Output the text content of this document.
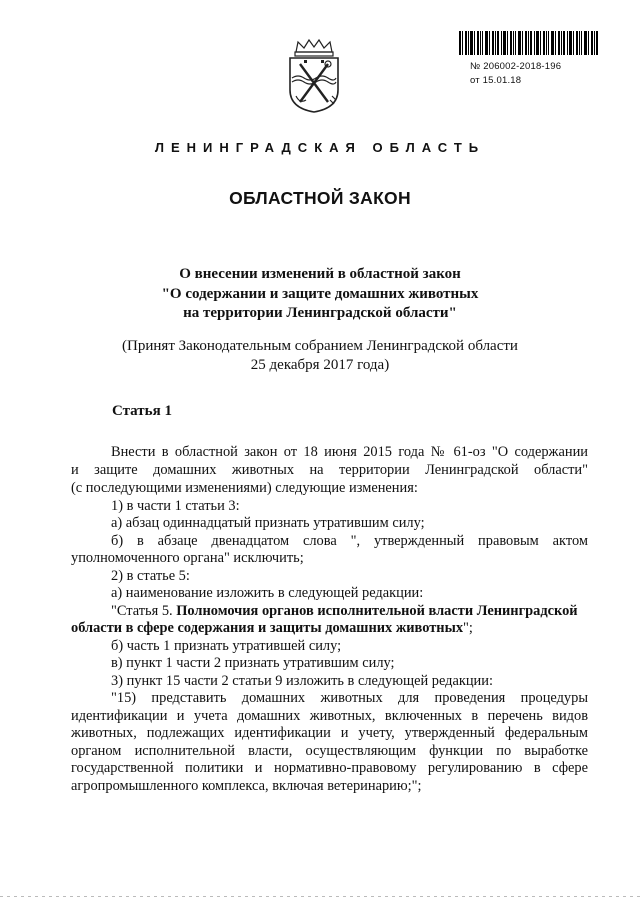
№ 206002-2018-196
от 15.01.18
ЛЕНИНГРАДСКАЯ ОБЛАСТЬ
ОБЛАСТНОЙ ЗАКОН
О внесении изменений в областной закон
"О содержании и защите домашних животных
на территории Ленинградской области"
(Принят Законодательным собранием Ленинградской области
25 декабря 2017 года)
Статья 1
Внести в областной закон от 18 июня 2015 года № 61-оз "О содержании
и защите домашних животных на территории Ленинградской области"
(с последующими изменениями) следующие изменения:
1) в части 1 статьи 3:
а) абзац одиннадцатый признать утратившим силу;
б) в абзаце двенадцатом слова ", утвержденный правовым актом
уполномоченного органа" исключить;
2) в статье 5:
а) наименование изложить в следующей редакции:
"Статья 5. Полномочия органов исполнительной власти Ленинградской
области в сфере содержания и защиты домашних животных";
б) часть 1 признать утратившей силу;
в) пункт 1 части 2 признать утратившим силу;
3) пункт 15 части 2 статьи 9 изложить в следующей редакции:
"15) представить домашних животных для проведения процедуры
идентификации и учета домашних животных, включенных в перечень видов
животных, подлежащих идентификации и учету, утвержденный федеральным
органом исполнительной власти, осуществляющим функции по выработке
государственной политики и нормативно-правовому регулированию в сфере
агропромышленного комплекса, включая ветеринарию;";
